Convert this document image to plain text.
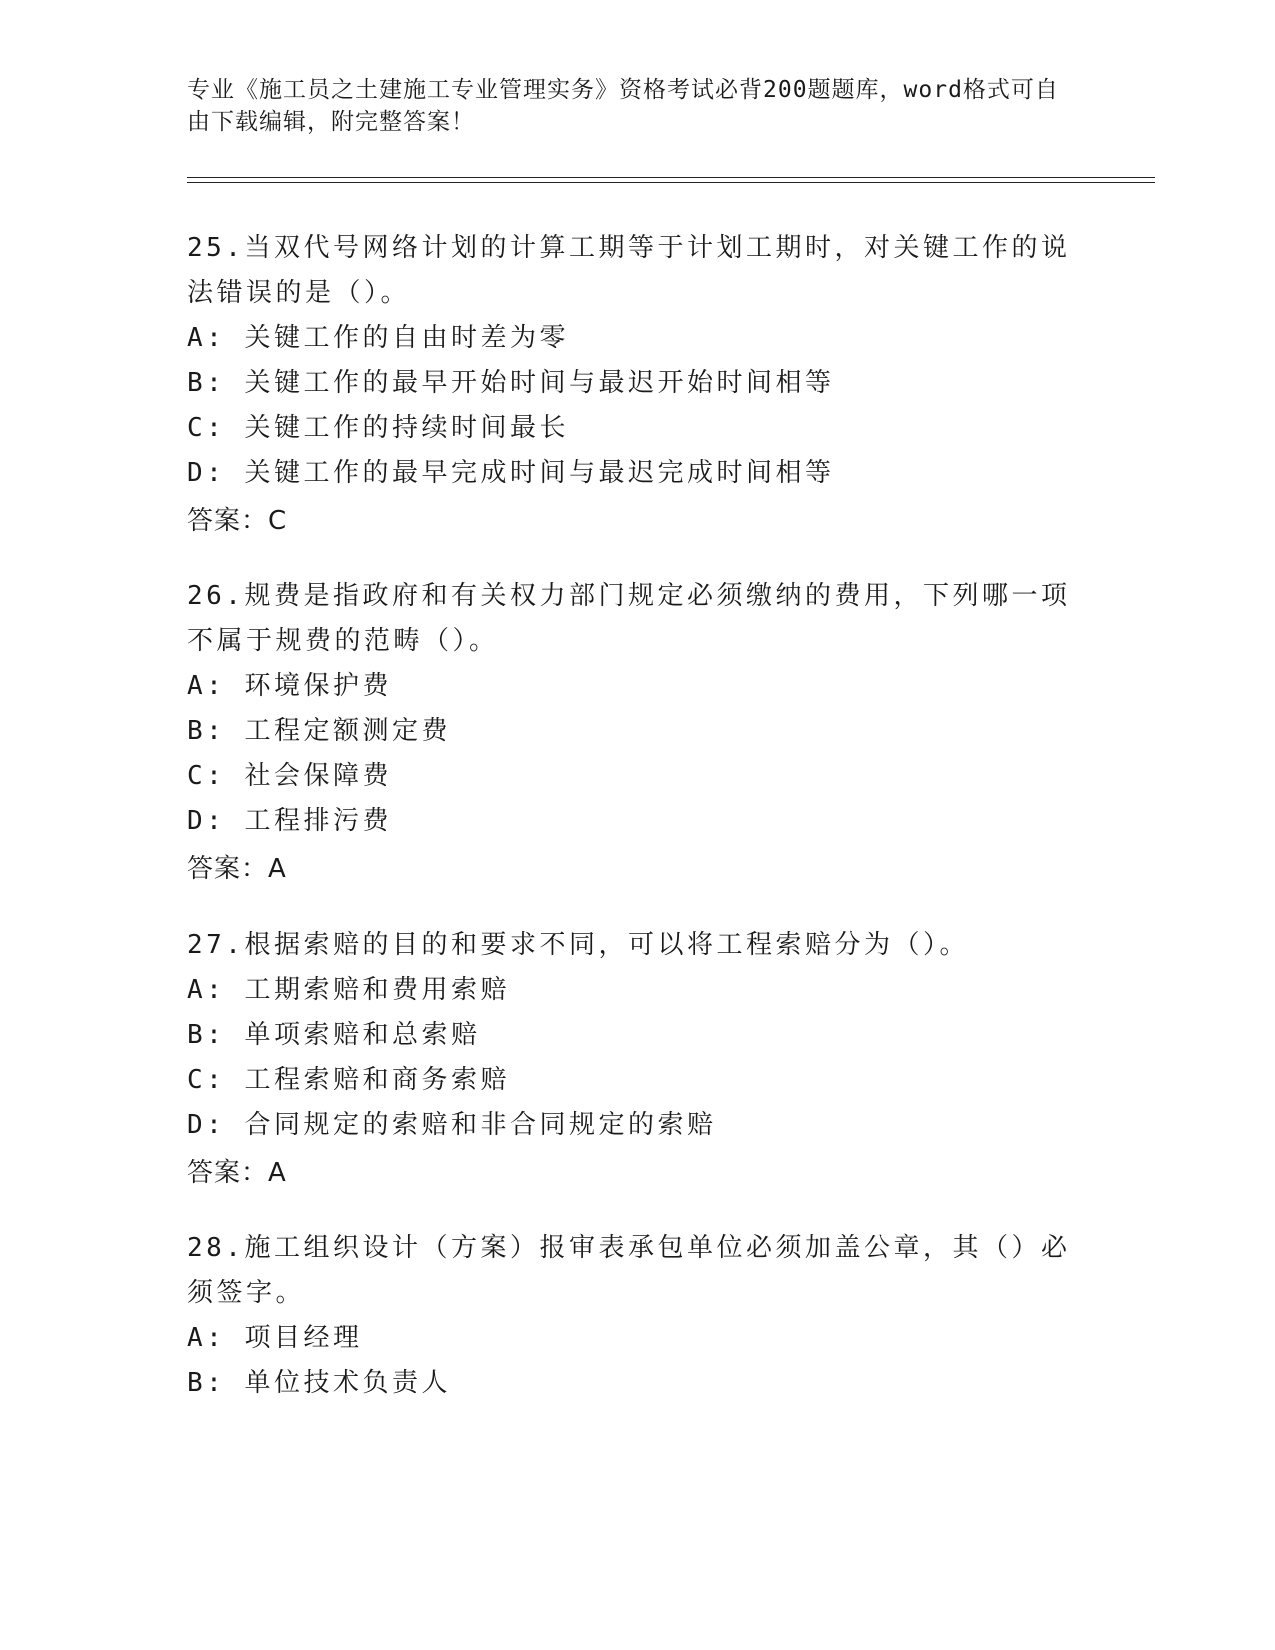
专业《施工员之土建施工专业管理实务》资格考试必背200题题库，word格式可自由下载编辑，附完整答案！
25.当双代号网络计划的计算工期等于计划工期时，对关键工作的说法错误的是（）。
A: 关键工作的自由时差为零
B: 关键工作的最早开始时间与最迟开始时间相等
C: 关键工作的持续时间最长
D: 关键工作的最早完成时间与最迟完成时间相等
答案：C
26.规费是指政府和有关权力部门规定必须缴纳的费用，下列哪一项不属于规费的范畴（）。
A: 环境保护费
B: 工程定额测定费
C: 社会保障费
D: 工程排污费
答案：A
27.根据索赔的目的和要求不同，可以将工程索赔分为（）。
A: 工期索赔和费用索赔
B: 单项索赔和总索赔
C: 工程索赔和商务索赔
D: 合同规定的索赔和非合同规定的索赔
答案：A
28.施工组织设计（方案）报审表承包单位必须加盖公章，其（）必须签字。
A: 项目经理
B: 单位技术负责人
